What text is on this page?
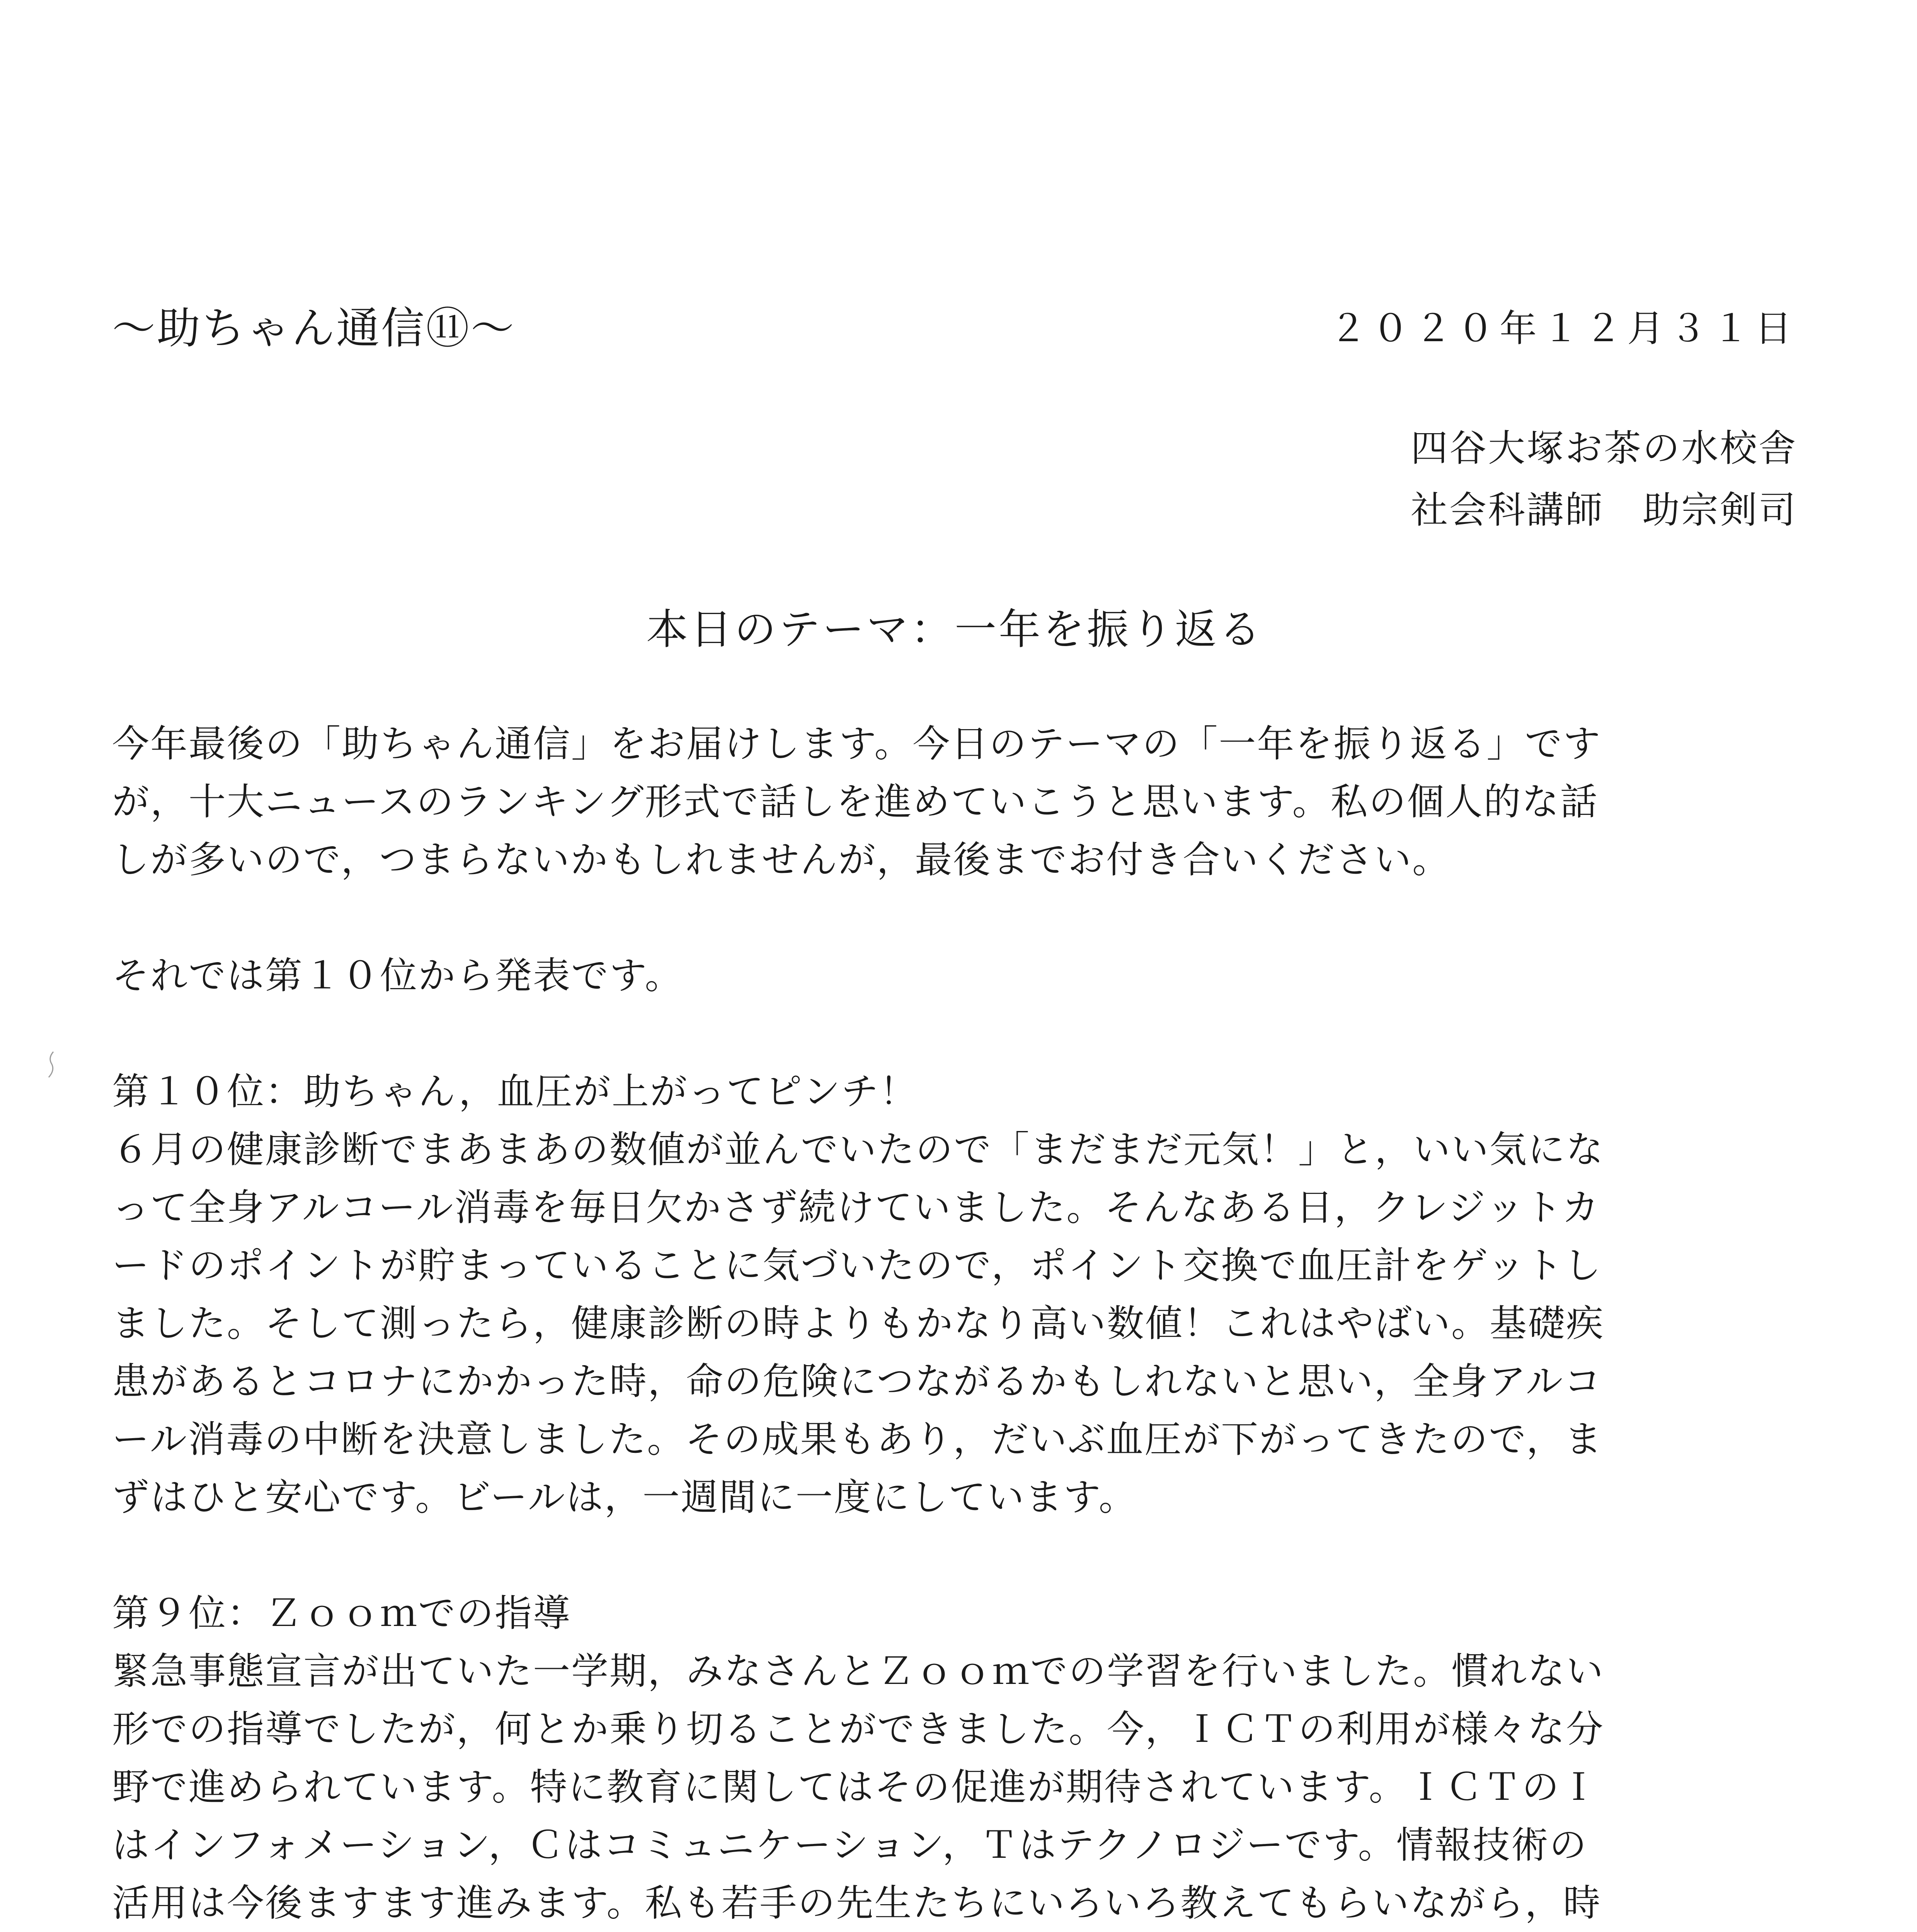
～助ちゃん通信⑪～	２０２０年１２月３１日
四谷大塚お茶の水校舎
社会科講師　助宗剣司
本日のテーマ：一年を振り返る
今年最後の「助ちゃん通信」をお届けします。今日のテーマの「一年を振り返る」です
が，十大ニュースのランキング形式で話しを進めていこうと思います。私の個人的な話
しが多いので，つまらないかもしれませんが，最後までお付き合いください。
それでは第１０位から発表です。
第１０位：助ちゃん，血圧が上がってピンチ！
６月の健康診断でまあまあの数値が並んでいたので「まだまだ元気！」と，いい気にな
って全身アルコール消毒を毎日欠かさず続けていました。そんなある日，クレジットカ
ードのポイントが貯まっていることに気づいたので，ポイント交換で血圧計をゲットし
ました。そして測ったら，健康診断の時よりもかなり高い数値！これはやばい。基礎疾
患があるとコロナにかかった時，命の危険につながるかもしれないと思い，全身アルコ
ール消毒の中断を決意しました。その成果もあり，だいぶ血圧が下がってきたので，ま
ずはひと安心です。ビールは，一週間に一度にしています。
第９位：Ｚｏｏｍでの指導
緊急事態宣言が出ていた一学期，みなさんとＺｏｏｍでの学習を行いました。慣れない
形での指導でしたが，何とか乗り切ることができました。今，ＩＣＴの利用が様々な分
野で進められています。特に教育に関してはその促進が期待されています。ＩＣＴのＩ
はインフォメーション，Ｃはコミュニケーション，Ｔはテクノロジーです。情報技術の
活用は今後ますます進みます。私も若手の先生たちにいろいろ教えてもらいながら，時
